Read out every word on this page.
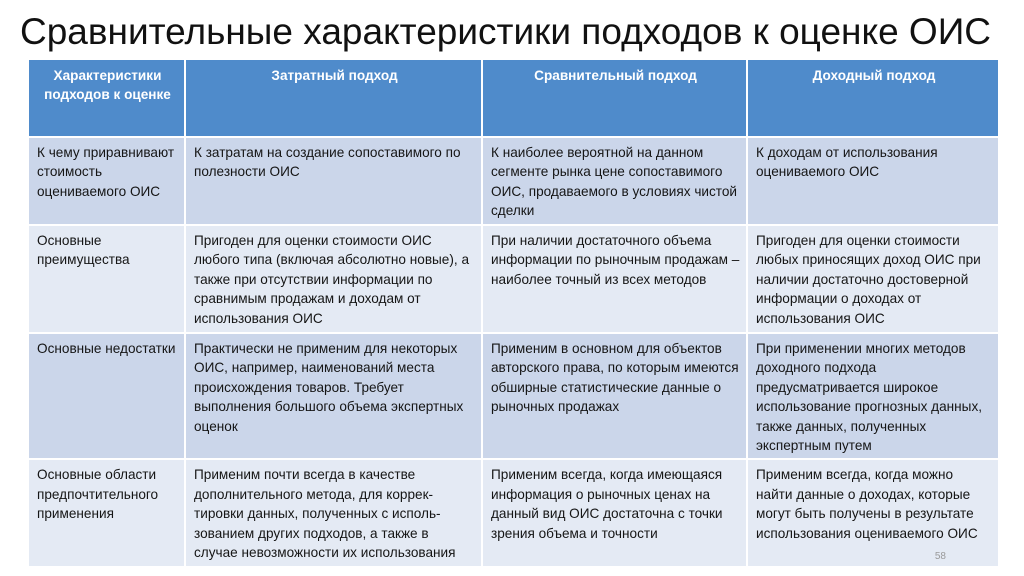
Сравнительные характеристики подходов к оценке ОИС
Характеристики подходов к оценке	Затратный подход	Сравнительный подход	Доходный подход
К чему приравнивают стоимость оцениваемого ОИС	К затратам на создание сопоставимого по полезности ОИС	К наиболее вероятной на данном сегменте рынка цене сопоставимого ОИС, продаваемого в условиях чистой сделки	К доходам от использования оцениваемого ОИС
Основные преимущества	Пригоден для оценки стоимости ОИС любого типа (включая абсолютно новые), а также при отсутствии информации по сравнимым продажам и доходам от использования ОИС	При наличии достаточного объема информации по рыночным продажам – наиболее точный из всех методов	Пригоден для оценки стоимости любых приносящих доход ОИС при наличии достаточно достоверной информации о доходах от использования ОИС
Основные недостатки	Практически не применим для некоторых ОИС, например, наименований места происхождения товаров. Требует выполнения большого объема экспертных оценок	Применим в основном для объектов авторского права, по которым имеются обширные статистические данные о рыночных продажах	При применении многих методов доходного подхода предусматривается широкое использование прогнозных данных, также данных, полученных экспертным путем
Основные области предпочтительного применения	Применим почти всегда в качестве дополнительного метода, для коррек-тировки данных, полученных с исполь-зованием других подходов, а также в случае невозможности их использования	Применим всегда, когда имеющаяся информация о рыночных ценах на данный вид ОИС достаточна с точки зрения объема и точности	Применим всегда, когда можно найти данные о доходах, которые могут быть получены в результате использования оцениваемого ОИС
58
